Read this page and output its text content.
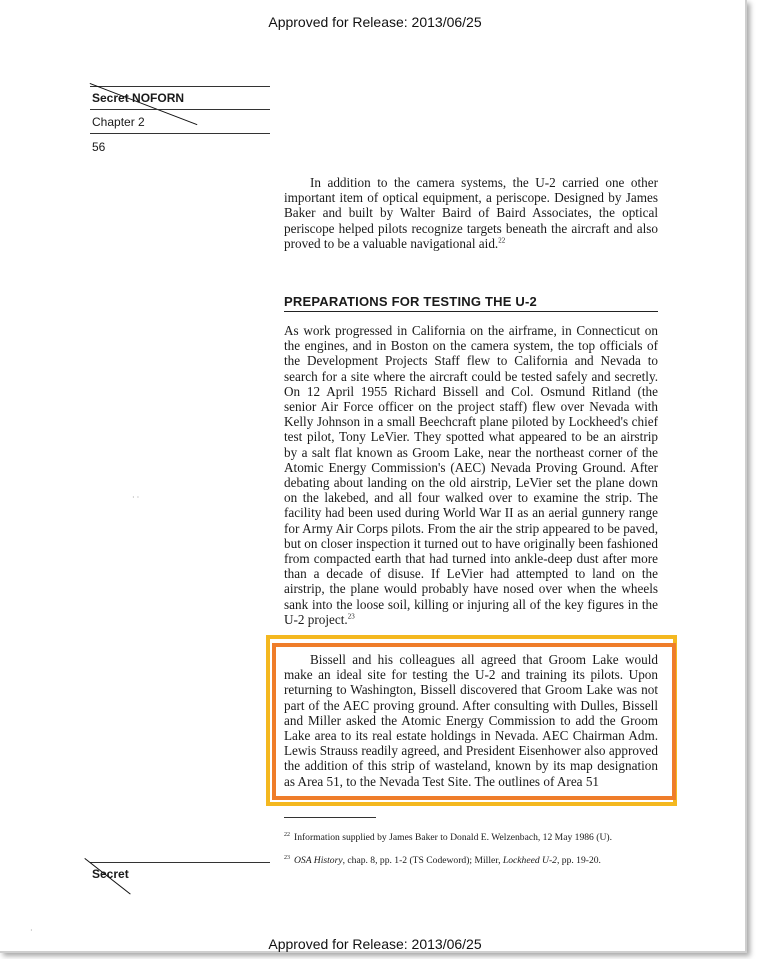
Approved for Release: 2013/06/25
Secret NOFORN
Chapter 2
56

In addition to the camera systems, the U-2 carried one other important item of optical equipment, a periscope. Designed by James Baker and built by Walter Baird of Baird Associates, the optical periscope helped pilots recognize targets beneath the aircraft and also proved to be a valuable navigational aid.$^{22}$

PREPARATIONS FOR TESTING THE U-2

As work progressed in California on the airframe, in Connecticut on the engines, and in Boston on the camera system, the top officials of the Development Projects Staff flew to California and Nevada to search for a site where the aircraft could be tested safely and secretly. On 12 April 1955 Richard Bissell and Col. Osmund Ritland (the senior Air Force officer on the project staff) flew over Nevada with Kelly Johnson in a small Beechcraft plane piloted by Lockheed's chief test pilot, Tony LeVier. They spotted what appeared to be an airstrip by a salt flat known as Groom Lake, near the northeast corner of the Atomic Energy Commission's (AEC) Nevada Proving Ground. After debating about landing on the old airstrip, LeVier set the plane down on the lakebed, and all four walked over to examine the strip. The facility had been used during World War II as an aerial gunnery range for Army Air Corps pilots. From the air the strip appeared to be paved, but on closer inspection it turned out to have originally been fashioned from compacted earth that had turned into ankle-deep dust after more than a decade of disuse. If LeVier had attempted to land on the airstrip, the plane would probably have nosed over when the wheels sank into the loose soil, killing or injuring all of the key figures in the U-2 project.$^{23}$

Bissell and his colleagues all agreed that Groom Lake would make an ideal site for testing the U-2 and training its pilots. Upon returning to Washington, Bissell discovered that Groom Lake was not part of the AEC proving ground. After consulting with Dulles, Bissell and Miller asked the Atomic Energy Commission to add the Groom Lake area to its real estate holdings in Nevada. AEC Chairman Adm. Lewis Strauss readily agreed, and President Eisenhower also approved the addition of this strip of wasteland, known by its map designation as Area 51, to the Nevada Test Site. The outlines of Area 51

$^{22}$ Information supplied by James Baker to Donald E. Welzenbach, 12 May 1986 (U).
$^{23}$ OSA History, chap. 8, pp. 1-2 (TS Codeword); Miller, Lockheed U-2, pp. 19-20.
Secret
· ·
·
Approved for Release: 2013/06/25
